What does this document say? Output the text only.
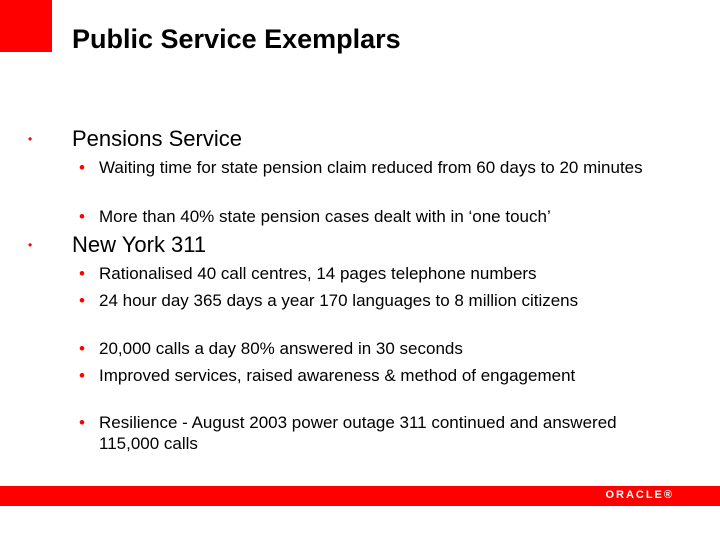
Public Service Exemplars
• Pensions Service
• Waiting time for state pension claim reduced from 60 days to 20 minutes
• More than 40% state pension cases dealt with in ‘one touch’
• New York 311
• Rationalised 40 call centres, 14 pages telephone numbers
• 24 hour day 365 days a year 170 languages to 8 million citizens
• 20,000 calls a day 80% answered in 30 seconds
• Improved services, raised awareness & method of engagement
• Resilience - August 2003 power outage 311 continued and answered 115,000 calls
ORACLE®
